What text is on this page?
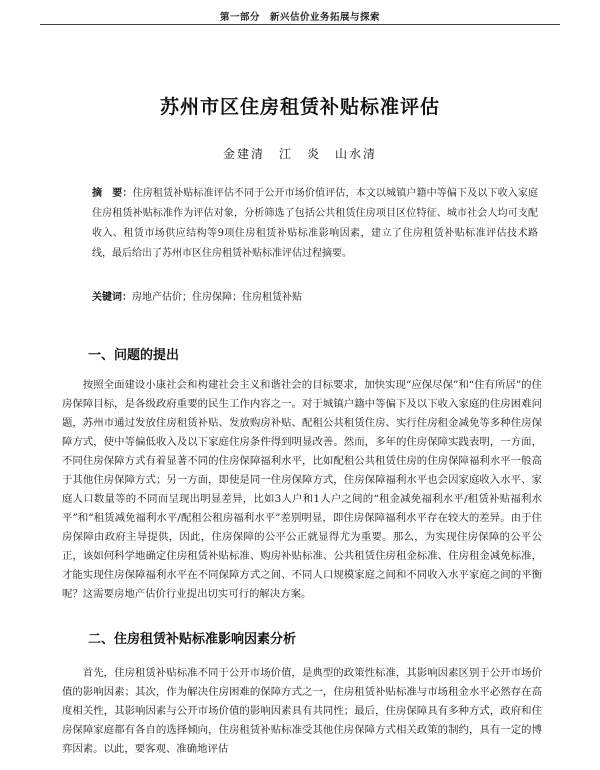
第一部分　新兴估价业务拓展与探索
苏州市区住房租赁补贴标准评估
金建清　江　炎　山水清
摘　要：住房租赁补贴标准评估不同于公开市场价值评估，本文以城镇户籍中等偏下及以下收入家庭住房租赁补贴标准作为评估对象，分析筛选了包括公共租赁住房项目区位特征、城市社会人均可支配收入、租赁市场供应结构等9项住房租赁补贴标准影响因素，建立了住房租赁补贴标准评估技术路线，最后给出了苏州市区住房租赁补贴标准评估过程摘要。
关键词：房地产估价；住房保障；住房租赁补贴
一、问题的提出
按照全面建设小康社会和构建社会主义和谐社会的目标要求，加快实现“应保尽保”和“住有所居”的住房保障目标，是各级政府重要的民生工作内容之一。对于城镇户籍中等偏下及以下收入家庭的住房困难问题，苏州市通过发放住房租赁补贴、发放购房补贴、配租公共租赁住房、实行住房租金减免等多种住房保障方式，使中等偏低收入及以下家庭住房条件得到明显改善。然而，多年的住房保障实践表明，一方面，不同住房保障方式有着显著不同的住房保障福利水平，比如配租公共租赁住房的住房保障福利水平一般高于其他住房保障方式；另一方面，即使是同一住房保障方式，住房保障福利水平也会因家庭收入水平、家庭人口数量等的不同而呈现出明显差异，比如3人户和1人户之间的“租金减免福利水平/租赁补贴福利水平”和“租赁减免福利水平/配租公租房福利水平”差别明显，即住房保障福利水平存在较大的差异。由于住房保障由政府主导提供，因此，住房保障的公平公正就显得尤为重要。那么，为实现住房保障的公平公正，该如何科学地确定住房租赁补贴标准、购房补贴标准、公共租赁住房租金标准、住房租金减免标准，才能实现住房保障福利水平在不同保障方式之间、不同人口规模家庭之间和不同收入水平家庭之间的平衡呢？这需要房地产估价行业提出切实可行的解决方案。
二、住房租赁补贴标准影响因素分析
首先，住房租赁补贴标准不同于公开市场价值，是典型的政策性标准，其影响因素区别于公开市场价值的影响因素；其次，作为解决住房困难的保障方式之一，住房租赁补贴标准与市场租金水平必然存在高度相关性，其影响因素与公开市场价值的影响因素具有共同性；最后，住房保障具有多种方式，政府和住房保障家庭都有各自的选择倾向，住房租赁补贴标准受其他住房保障方式相关政策的制约，具有一定的博弈因素。以此，要客观、准确地评估
